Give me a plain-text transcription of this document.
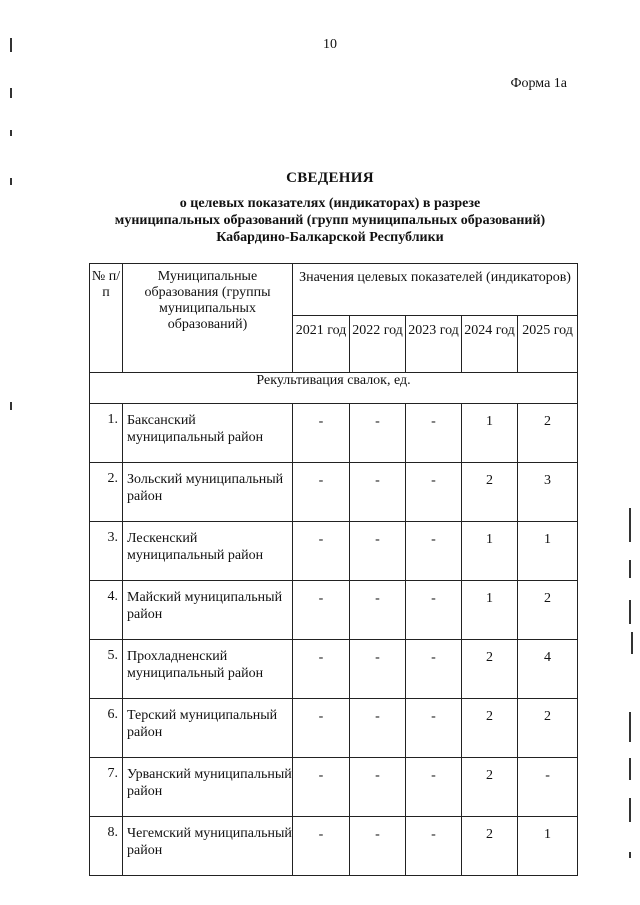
10
Форма 1а
СВЕДЕНИЯ
о целевых показателях (индикаторах) в разрезе
муниципальных образований (групп муниципальных образований)
Кабардино-Балкарской Республики
№ п/п	Муниципальные образования (группы муниципальных образований)	Значения целевых показателей (индикаторов)				
		2021 год	2022 год	2023 год	2024 год	2025 год
Рекультивация свалок, ед.						
1.	Баксанский муниципальный район	-	-	-	1	2
2.	Зольский муниципальный район	-	-	-	2	3
3.	Лескенский муниципальный район	-	-	-	1	1
4.	Майский муниципальный район	-	-	-	1	2
5.	Прохладненский муниципальный район	-	-	-	2	4
6.	Терский муниципальный район	-	-	-	2	2
7.	Урванский муниципальный район	-	-	-	2	-
8.	Чегемский муниципальный район	-	-	-	2	1
